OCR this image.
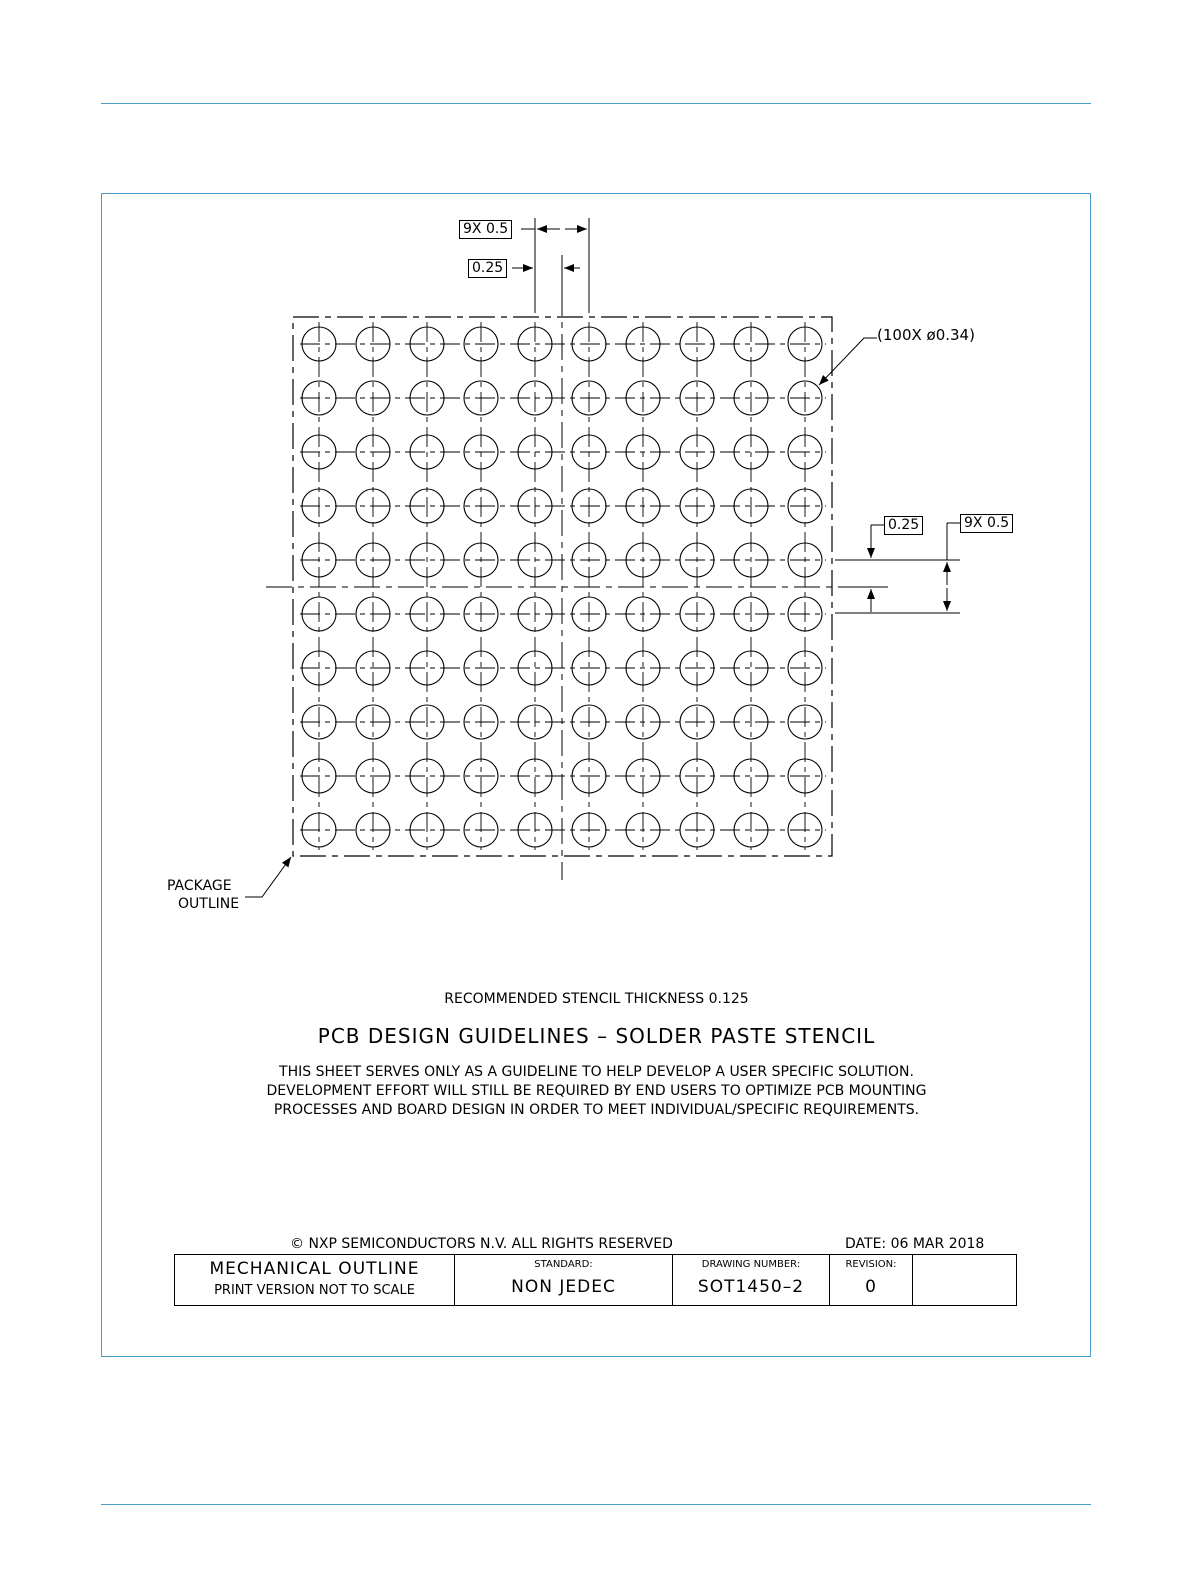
9X 0.5
0.25
0.25	9X 0.5
(100X ø0.34)
PACKAGE
OUTLINE
RECOMMENDED STENCIL THICKNESS 0.125
PCB DESIGN GUIDELINES – SOLDER PASTE STENCIL
THIS SHEET SERVES ONLY AS A GUIDELINE TO HELP DEVELOP A USER SPECIFIC SOLUTION.
DEVELOPMENT EFFORT WILL STILL BE REQUIRED BY END USERS TO OPTIMIZE PCB MOUNTING
PROCESSES AND BOARD DESIGN IN ORDER TO MEET INDIVIDUAL/SPECIFIC REQUIREMENTS.
© NXP SEMICONDUCTORS N.V. ALL RIGHTS RESERVED	DATE: 06 MAR 2018
MECHANICAL OUTLINE
PRINT VERSION NOT TO SCALE
STANDARD:
NON JEDEC
DRAWING NUMBER:
SOT1450–2
REVISION:
0
